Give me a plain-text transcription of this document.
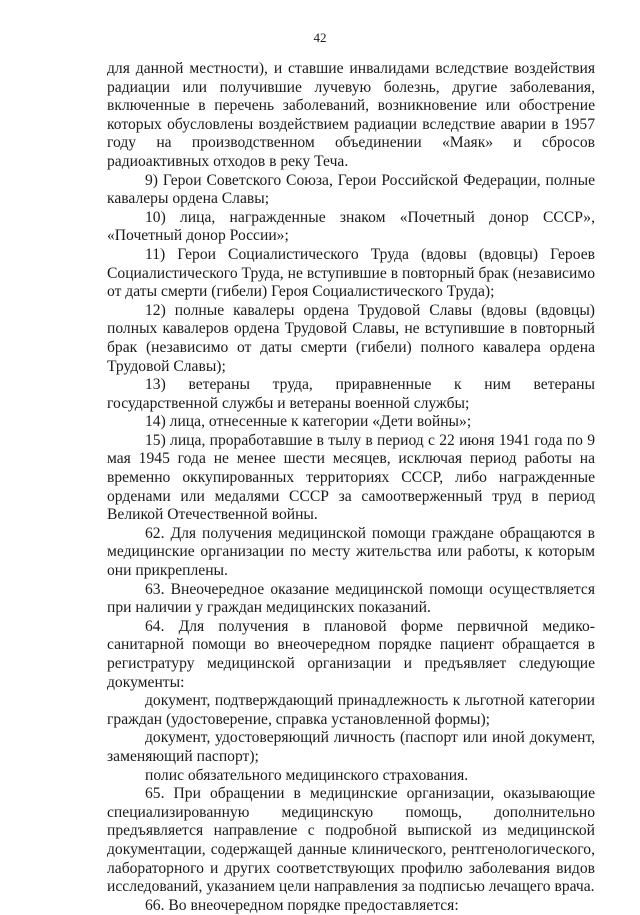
42

для данной местности), и ставшие инвалидами вследствие воздействия радиации или получившие лучевую болезнь, другие заболевания, включенные в перечень заболеваний, возникновение или обострение которых обусловлены воздействием радиации вследствие аварии в 1957 году на производственном объединении «Маяк» и сбросов радиоактивных отходов в реку Теча.

9) Герои Советского Союза, Герои Российской Федерации, полные кавалеры ордена Славы;

10) лица, награжденные знаком «Почетный донор СССР», «Почетный донор России»;

11) Герои Социалистического Труда (вдовы (вдовцы) Героев Социалистического Труда, не вступившие в повторный брак (независимо от даты смерти (гибели) Героя Социалистического Труда);

12) полные кавалеры ордена Трудовой Славы (вдовы (вдовцы) полных кавалеров ордена Трудовой Славы, не вступившие в повторный брак (независимо от даты смерти (гибели) полного кавалера ордена Трудовой Славы);

13) ветераны труда, приравненные к ним ветераны государственной службы и ветераны военной службы;

14) лица, отнесенные к категории «Дети войны»;

15) лица, проработавшие в тылу в период с 22 июня 1941 года по 9 мая 1945 года не менее шести месяцев, исключая период работы на временно оккупированных территориях СССР, либо награжденные орденами или медалями СССР за самоотверженный труд в период Великой Отечественной войны.

62. Для получения медицинской помощи граждане обращаются в медицинские организации по месту жительства или работы, к которым они прикреплены.

63. Внеочередное оказание медицинской помощи осуществляется при наличии у граждан медицинских показаний.

64. Для получения в плановой форме первичной медико-санитарной помощи во внеочередном порядке пациент обращается в регистратуру медицинской организации и предъявляет следующие документы:

документ, подтверждающий принадлежность к льготной категории граждан (удостоверение, справка установленной формы);

документ, удостоверяющий личность (паспорт или иной документ, заменяющий паспорт);

полис обязательного медицинского страхования.

65. При обращении в медицинские организации, оказывающие специализированную медицинскую помощь, дополнительно предъявляется направление с подробной выпиской из медицинской документации, содержащей данные клинического, рентгенологического, лабораторного и других соответствующих профилю заболевания видов исследований, указанием цели направления за подписью лечащего врача.

66. Во внеочередном порядке предоставляется:
